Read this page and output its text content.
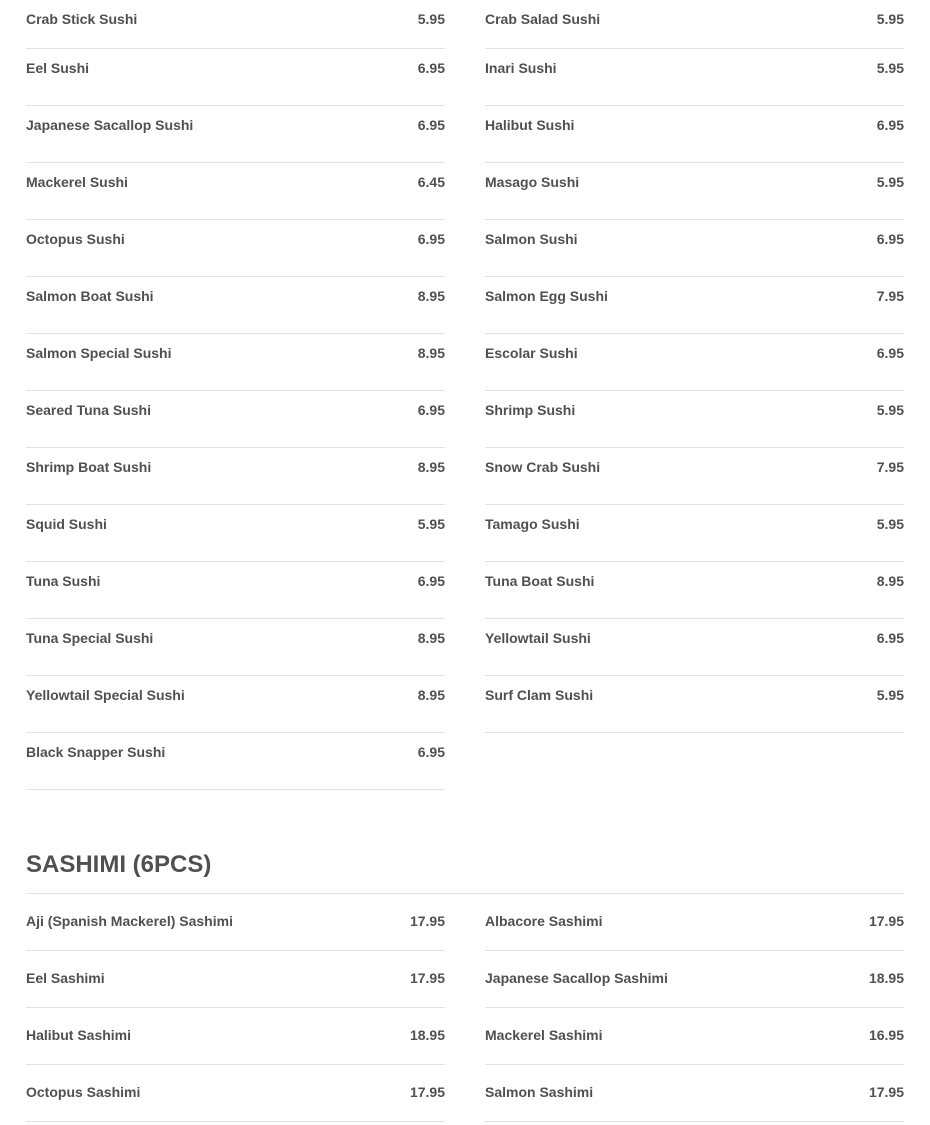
Crab Stick Sushi	5.95
Eel Sushi	6.95
Japanese Sacallop Sushi	6.95
Mackerel Sushi	6.45
Octopus Sushi	6.95
Salmon Boat Sushi	8.95
Salmon Special Sushi	8.95
Seared Tuna Sushi	6.95
Shrimp Boat Sushi	8.95
Squid Sushi	5.95
Tuna Sushi	6.95
Tuna Special Sushi	8.95
Yellowtail Special Sushi	8.95
Black Snapper Sushi	6.95
Crab Salad Sushi	5.95
Inari Sushi	5.95
Halibut Sushi	6.95
Masago Sushi	5.95
Salmon Sushi	6.95
Salmon Egg Sushi	7.95
Escolar Sushi	6.95
Shrimp Sushi	5.95
Snow Crab Sushi	7.95
Tamago Sushi	5.95
Tuna Boat Sushi	8.95
Yellowtail Sushi	6.95
Surf Clam Sushi	5.95
SASHIMI (6PCS)
Aji (Spanish Mackerel) Sashimi	17.95
Eel Sashimi	17.95
Halibut Sashimi	18.95
Octopus Sashimi	17.95
Albacore Sashimi	17.95
Japanese Sacallop Sashimi	18.95
Mackerel Sashimi	16.95
Salmon Sashimi	17.95
